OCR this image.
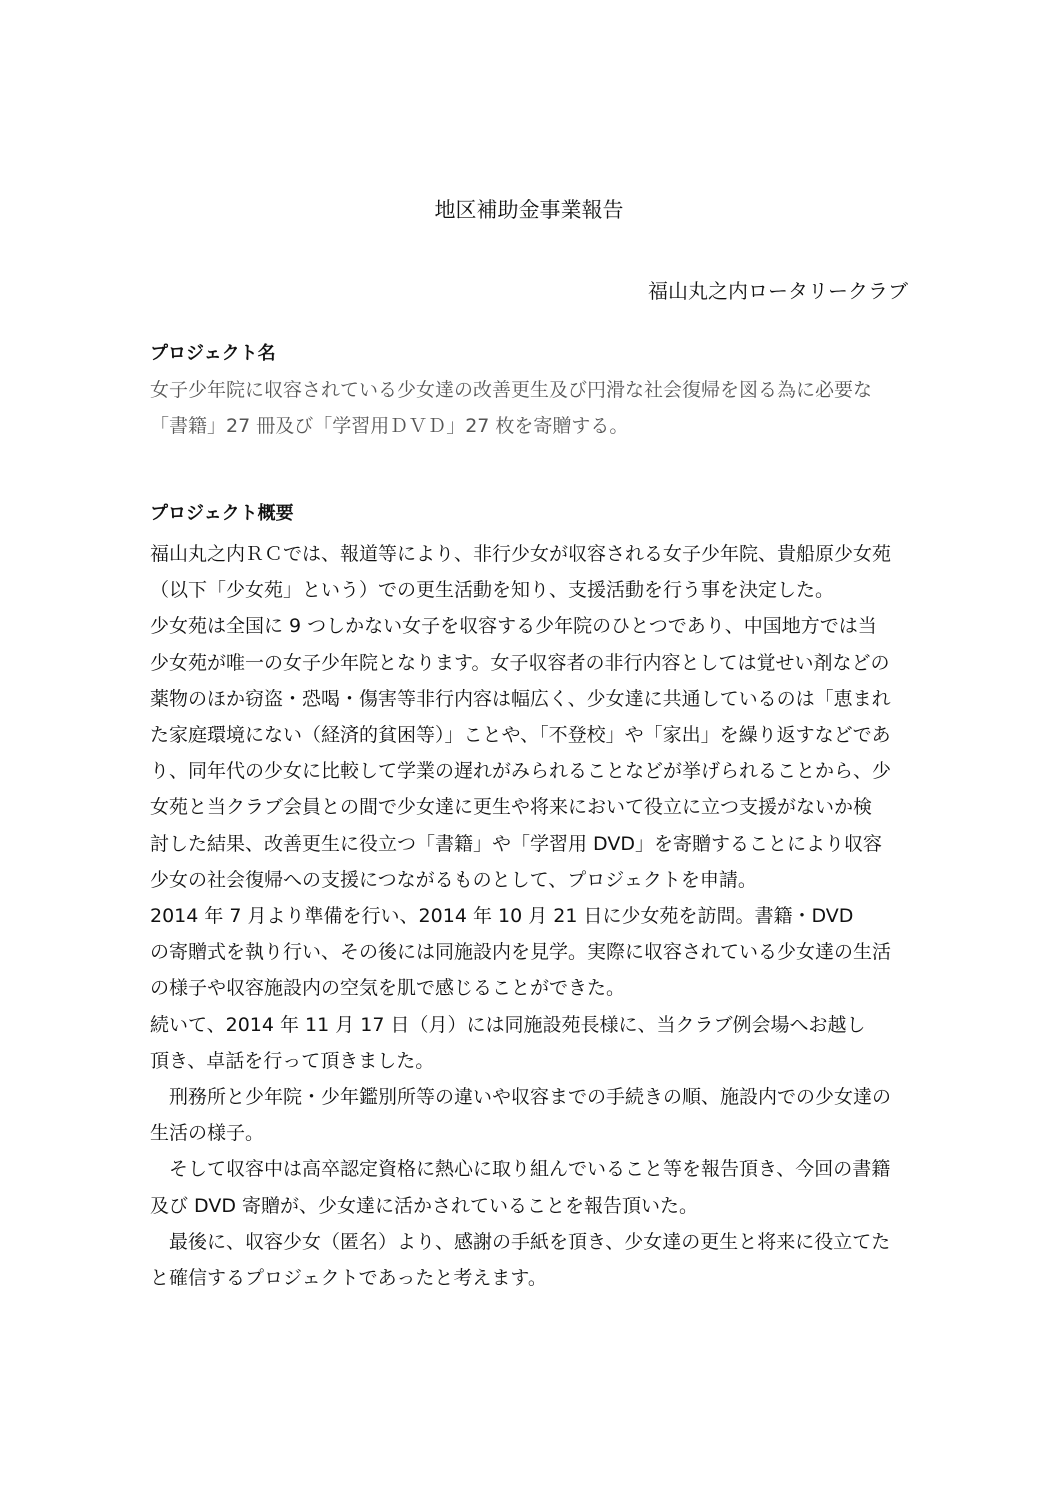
地区補助金事業報告
福山丸之内ロータリークラブ

プロジェクト名

女子少年院に収容されている少女達の改善更生及び円滑な社会復帰を図る為に必要な

「書籍」27 冊及び「学習用ＤＶＤ」27 枚を寄贈する。

プロジェクト概要

福山丸之内ＲＣでは、報道等により、非行少女が収容される女子少年院、貴船原少女苑

（以下「少女苑」という）での更生活動を知り、支援活動を行う事を決定した。

少女苑は全国に 9 つしかない女子を収容する少年院のひとつであり、中国地方では当

少女苑が唯一の女子少年院となります。女子収容者の非行内容としては覚せい剤などの

薬物のほか窃盗・恐喝・傷害等非行内容は幅広く、少女達に共通しているのは「恵まれ

た家庭環境にない（経済的貧困等）」ことや、「不登校」や「家出」を繰り返すなどであ

り、同年代の少女に比較して学業の遅れがみられることなどが挙げられることから、少

女苑と当クラブ会員との間で少女達に更生や将来において役立に立つ支援がないか検

討した結果、改善更生に役立つ「書籍」や「学習用 DVD」を寄贈することにより収容

少女の社会復帰への支援につながるものとして、プロジェクトを申請。

2014 年 7 月より準備を行い、2014 年 10 月 21 日に少女苑を訪問。書籍・DVD

の寄贈式を執り行い、その後には同施設内を見学。実際に収容されている少女達の生活

の様子や収容施設内の空気を肌で感じることができた。

続いて、2014 年 11 月 17 日（月）には同施設苑長様に、当クラブ例会場へお越し

頂き、卓話を行って頂きました。

　刑務所と少年院・少年鑑別所等の違いや収容までの手続きの順、施設内での少女達の

生活の様子。

　そして収容中は高卒認定資格に熱心に取り組んでいること等を報告頂き、今回の書籍

及び DVD 寄贈が、少女達に活かされていることを報告頂いた。

　最後に、収容少女（匿名）より、感謝の手紙を頂き、少女達の更生と将来に役立てた

と確信するプロジェクトであったと考えます。
